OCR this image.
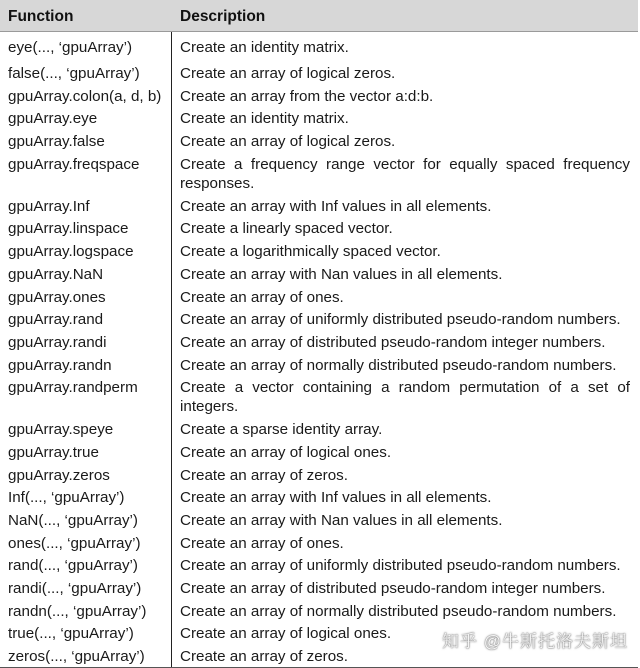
Function	Description
eye(..., ‘gpuArray’)	Create an identity matrix.
false(..., ‘gpuArray’)	Create an array of logical zeros.
gpuArray.colon(a, d, b)	Create an array from the vector a:d:b.
gpuArray.eye	Create an identity matrix.
gpuArray.false	Create an array of logical zeros.
gpuArray.freqspace	Create a frequency range vector for equally spaced frequency responses.
gpuArray.Inf	Create an array with Inf values in all elements.
gpuArray.linspace	Create a linearly spaced vector.
gpuArray.logspace	Create a logarithmically spaced vector.
gpuArray.NaN	Create an array with Nan values in all elements.
gpuArray.ones	Create an array of ones.
gpuArray.rand	Create an array of uniformly distributed pseudo-random numbers.
gpuArray.randi	Create an array of distributed pseudo-random integer numbers.
gpuArray.randn	Create an array of normally distributed pseudo-random numbers.
gpuArray.randperm	Create a vector containing a random permutation of a set of integers.
gpuArray.speye	Create a sparse identity array.
gpuArray.true	Create an array of logical ones.
gpuArray.zeros	Create an array of zeros.
Inf(..., ‘gpuArray’)	Create an array with Inf values in all elements.
NaN(..., ‘gpuArray’)	Create an array with Nan values in all elements.
ones(..., ‘gpuArray’)	Create an array of ones.
rand(..., ‘gpuArray’)	Create an array of uniformly distributed pseudo-random numbers.
randi(..., ‘gpuArray’)	Create an array of distributed pseudo-random integer numbers.
randn(..., ‘gpuArray’)	Create an array of normally distributed pseudo-random numbers.
true(..., ‘gpuArray’)	Create an array of logical ones.
zeros(..., ‘gpuArray’)	Create an array of zeros.
知乎 @牛斯托洛夫斯坦
